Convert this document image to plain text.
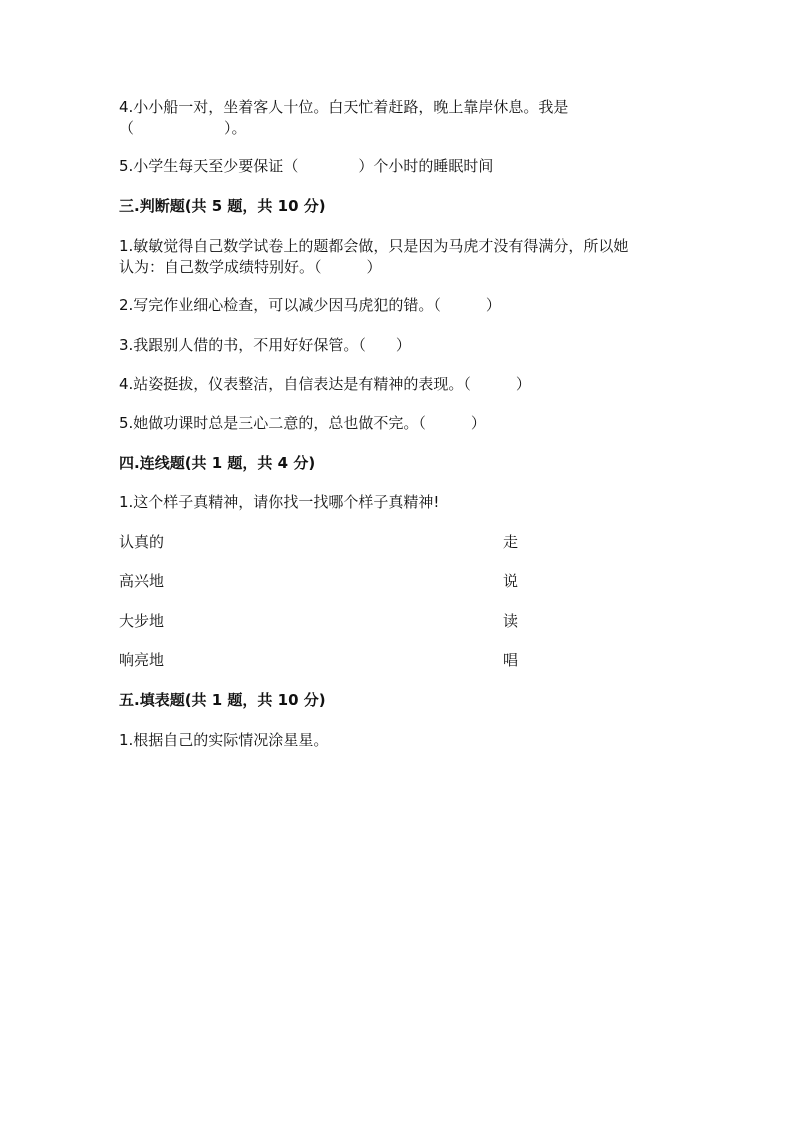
4.小小船一对，坐着客人十位。白天忙着赶路，晚上靠岸休息。我是
（　　　　　　）。
5.小学生每天至少要保证（　　　　）个小时的睡眠时间
三.判断题(共 5 题，共 10 分)
1.敏敏觉得自己数学试卷上的题都会做，只是因为马虎才没有得满分，所以她
认为：自己数学成绩特别好。（　　　）
2.写完作业细心检查，可以减少因马虎犯的错。（　　　）
3.我跟别人借的书，不用好好保管。（　　）
4.站姿挺拔，仪表整洁，自信表达是有精神的表现。（　　　）
5.她做功课时总是三心二意的，总也做不完。（　　　）
四.连线题(共 1 题，共 4 分)
1.这个样子真精神，请你找一找哪个样子真精神!
认真的	走
高兴地	说
大步地	读
响亮地	唱
五.填表题(共 1 题，共 10 分)
1.根据自己的实际情况涂星星。
